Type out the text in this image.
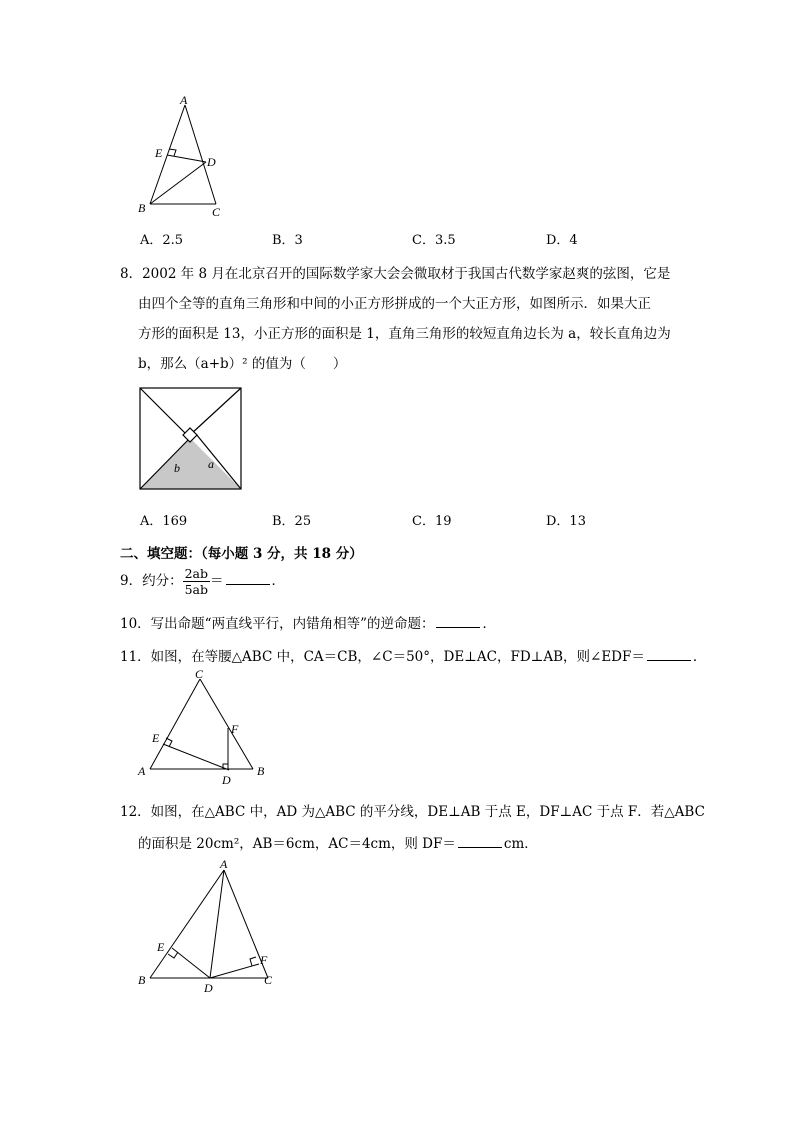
A
E
D
B	C
A．2.5	B．3	C．3.5	D．4
8．2002 年 8 月在北京召开的国际数学家大会会微取材于我国古代数学家赵爽的弦图，它是
由四个全等的直角三角形和中间的小正方形拼成的一个大正方形，如图所示．如果大正
方形的面积是 13，小正方形的面积是 1，直角三角形的较短直角边长为 a，较长直角边为
b，那么（a+b）² 的值为（　　）
b a
A．169	B．25	C．19	D．13
二、填空题：（每小题 3 分，共 18 分）
9．约分： $\frac{2ab}{5ab}$ ＝	．
10．写出命题“两直线平行，内错角相等”的逆命题：	．
11．如图，在等腰△ABC 中，CA＝CB，∠C＝50°，DE⊥AC，FD⊥AB，则∠EDF＝	．
C
E
F
A
D
B
12．如图，在△ABC 中，AD 为△ABC 的平分线，DE⊥AB 于点 E，DF⊥AC 于点 F．若△ABC
的面积是 20cm²，AB＝6cm，AC＝4cm，则 DF＝	cm．
A
E
F
B
D
C
